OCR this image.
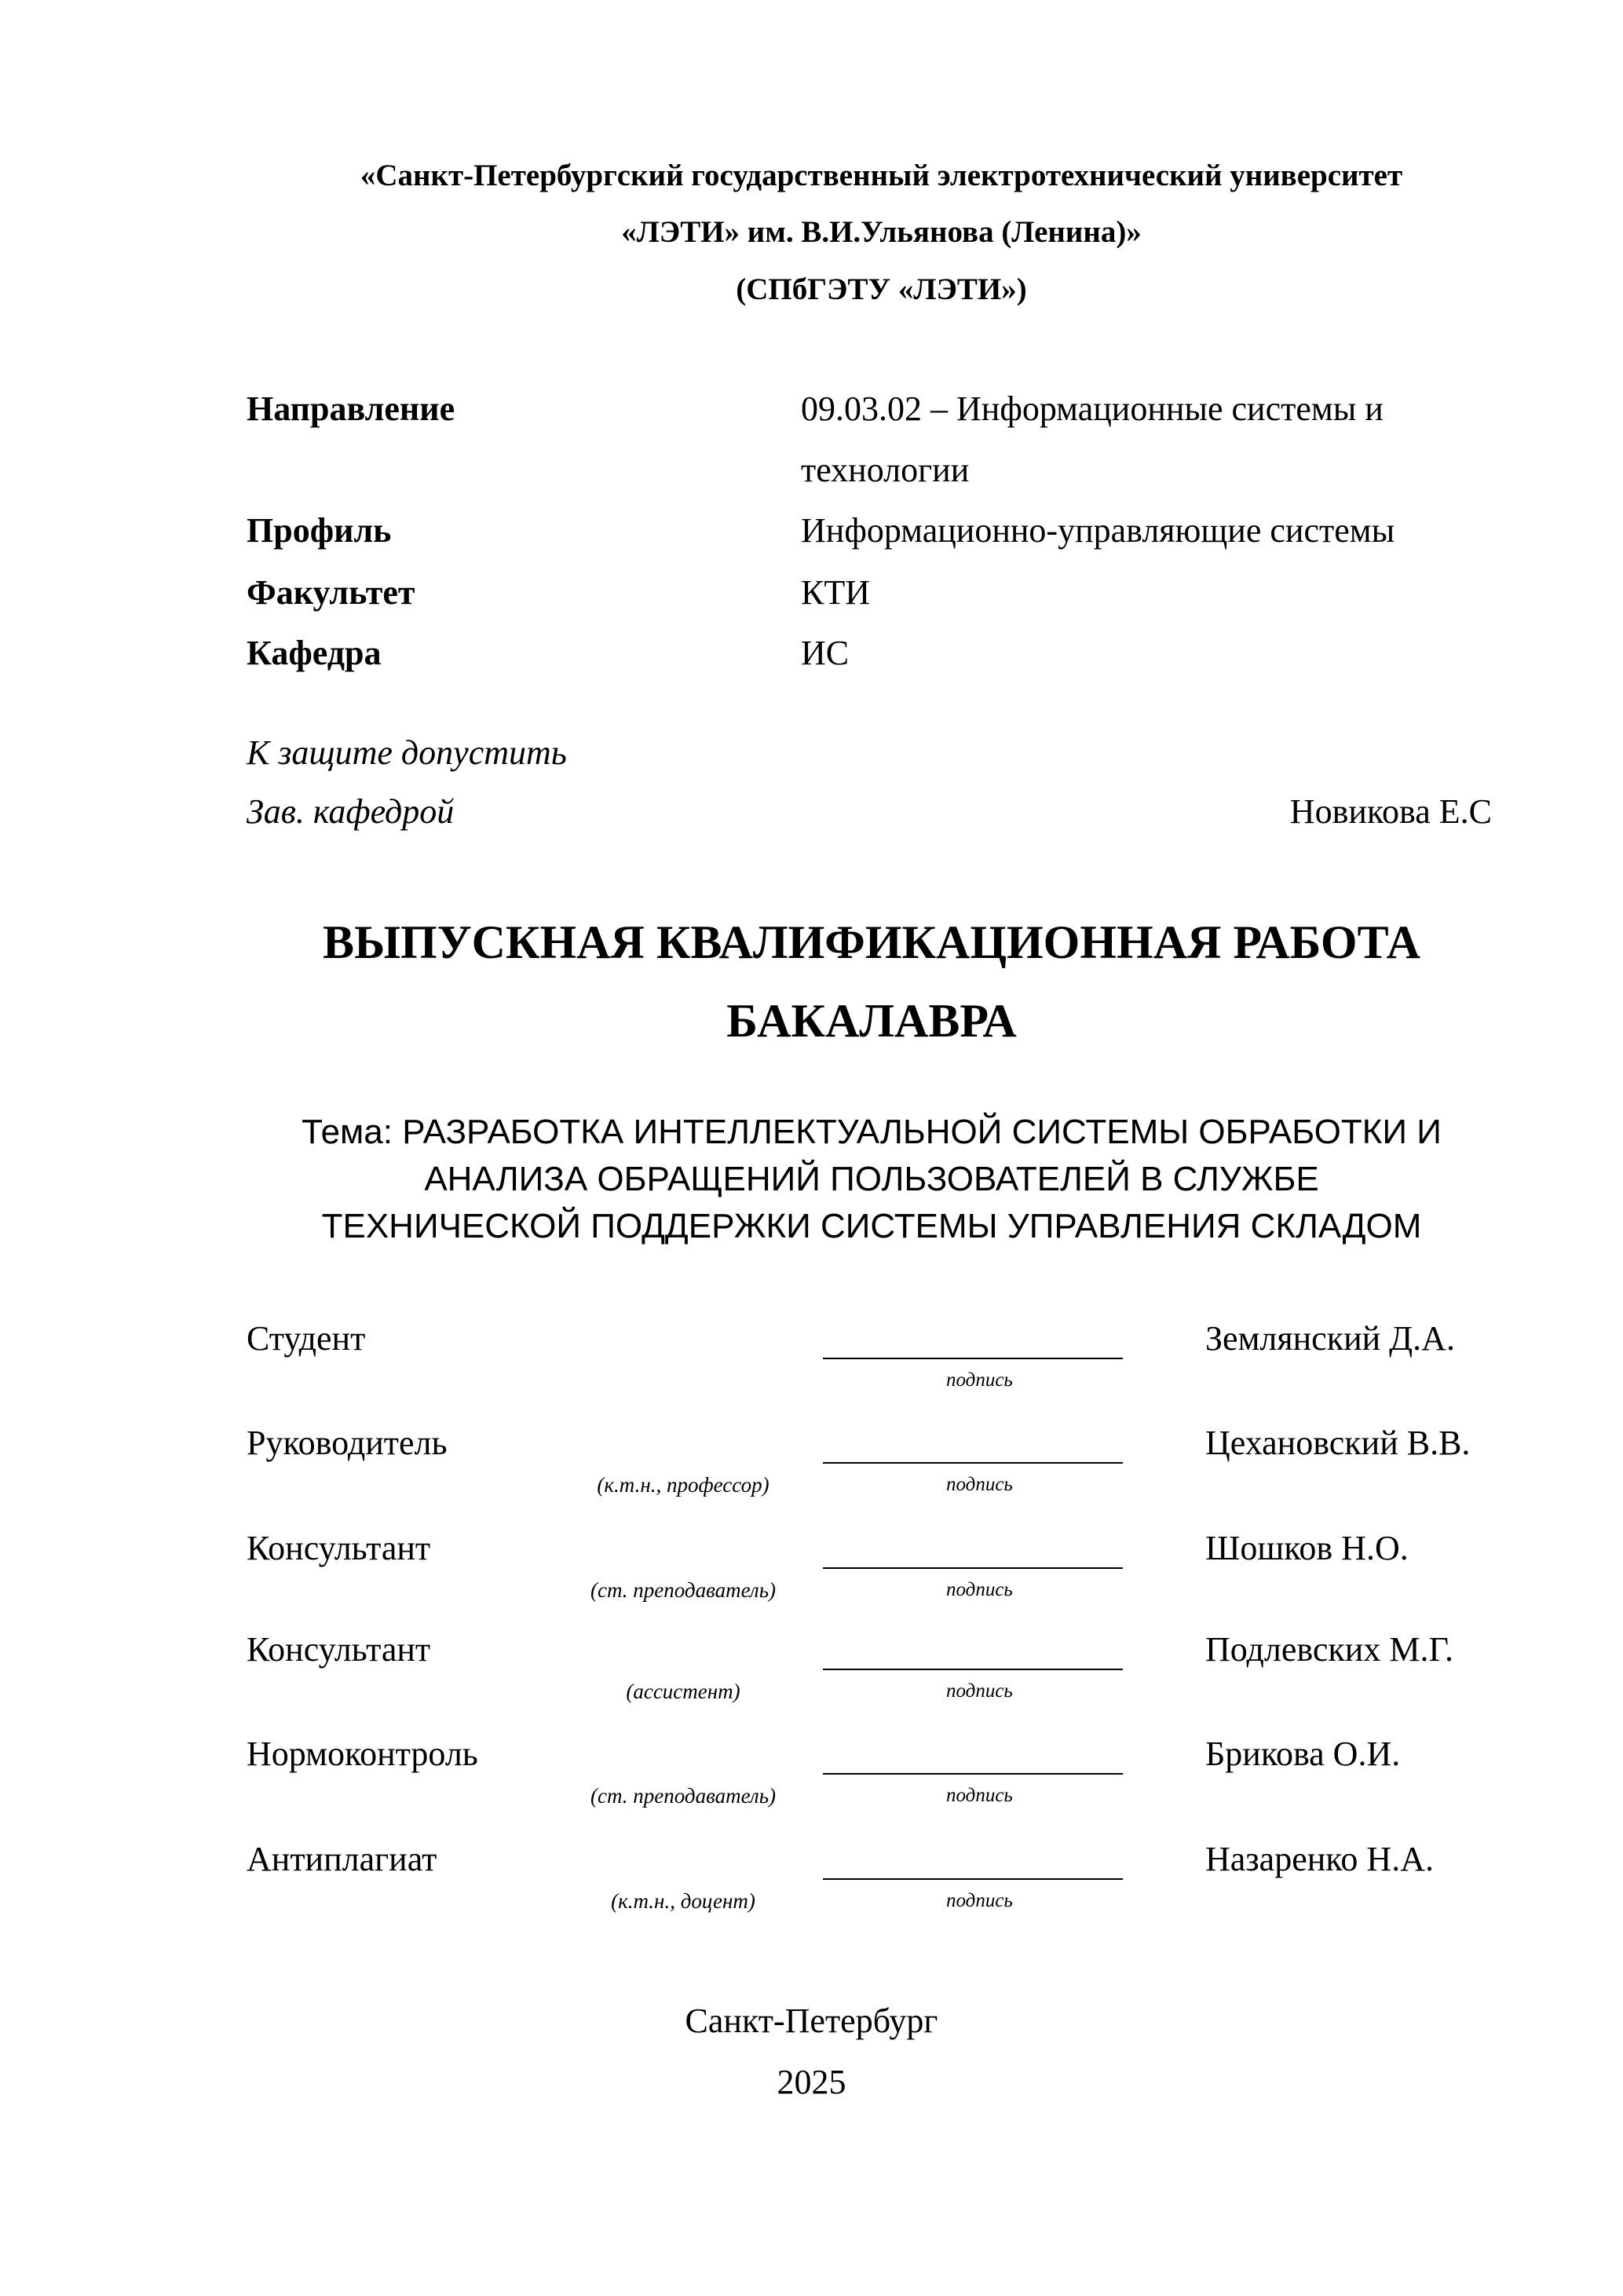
«Санкт-Петербургский государственный электротехнический университет
«ЛЭТИ» им. В.И.Ульянова (Ленина)»
(СПбГЭТУ «ЛЭТИ»)
Направление	09.03.02 – Информационные системы и
технологии
Профиль	Информационно-управляющие системы
Факультет	КТИ
Кафедра	ИС
К защите допустить
Зав. кафедрой	Новикова Е.С
ВЫПУСКНАЯ КВАЛИФИКАЦИОННАЯ РАБОТА
БАКАЛАВРА
Тема: РАЗРАБОТКА ИНТЕЛЛЕКТУАЛЬНОЙ СИСТЕМЫ ОБРАБОТКИ И
АНАЛИЗА ОБРАЩЕНИЙ ПОЛЬЗОВАТЕЛЕЙ В СЛУЖБЕ
ТЕХНИЧЕСКОЙ ПОДДЕРЖКИ СИСТЕМЫ УПРАВЛЕНИЯ СКЛАДОМ
Студент	Землянский Д.А.
подпись
Руководитель	Цехановский В.В.
(к.т.н., профессор)	подпись
Консультант	Шошков Н.О.
(ст. преподаватель)	подпись
Консультант	Подлевских М.Г.
(ассистент)	подпись
Нормоконтроль	Брикова О.И.
(ст. преподаватель)	подпись
Антиплагиат	Назаренко Н.А.
(к.т.н., доцент)	подпись
Санкт-Петербург
2025
